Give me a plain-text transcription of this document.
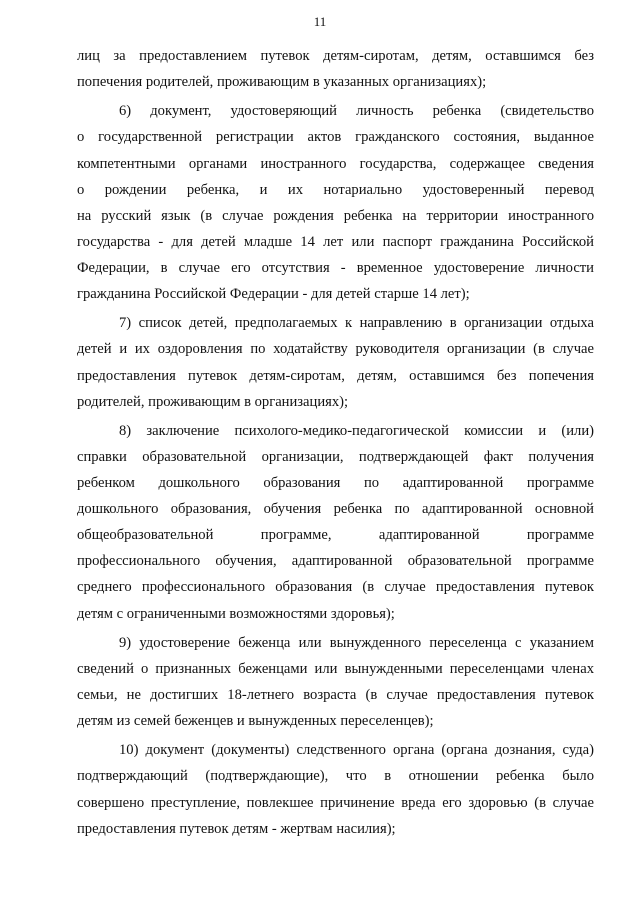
11
лиц за предоставлением путевок детям-сиротам, детям, оставшимся без
попечения родителей, проживающим в указанных организациях);
6) документ, удостоверяющий личность ребенка (свидетельство
о государственной регистрации актов гражданского состояния, выданное
компетентными органами иностранного государства, содержащее сведения
о рождении ребенка, и их нотариально удостоверенный перевод
на русский язык (в случае рождения ребенка на территории иностранного
государства - для детей младше 14 лет или паспорт гражданина Российской
Федерации, в случае его отсутствия - временное удостоверение личности
гражданина Российской Федерации - для детей старше 14 лет);
7) список детей, предполагаемых к направлению в организации отдыха
детей и их оздоровления по ходатайству руководителя организации (в случае
предоставления путевок детям-сиротам, детям, оставшимся без попечения
родителей, проживающим в организациях);
8) заключение психолого-медико-педагогической комиссии и (или)
справки образовательной организации, подтверждающей факт получения
ребенком дошкольного образования по адаптированной программе
дошкольного образования, обучения ребенка по адаптированной основной
общеобразовательной программе, адаптированной программе
профессионального обучения, адаптированной образовательной программе
среднего профессионального образования (в случае предоставления путевок
детям с ограниченными возможностями здоровья);
9) удостоверение беженца или вынужденного переселенца с указанием
сведений о признанных беженцами или вынужденными переселенцами членах
семьи, не достигших 18-летнего возраста (в случае предоставления путевок
детям из семей беженцев и вынужденных переселенцев);
10) документ (документы) следственного органа (органа дознания, суда)
подтверждающий (подтверждающие), что в отношении ребенка было
совершено преступление, повлекшее причинение вреда его здоровью (в случае
предоставления путевок детям - жертвам насилия);
